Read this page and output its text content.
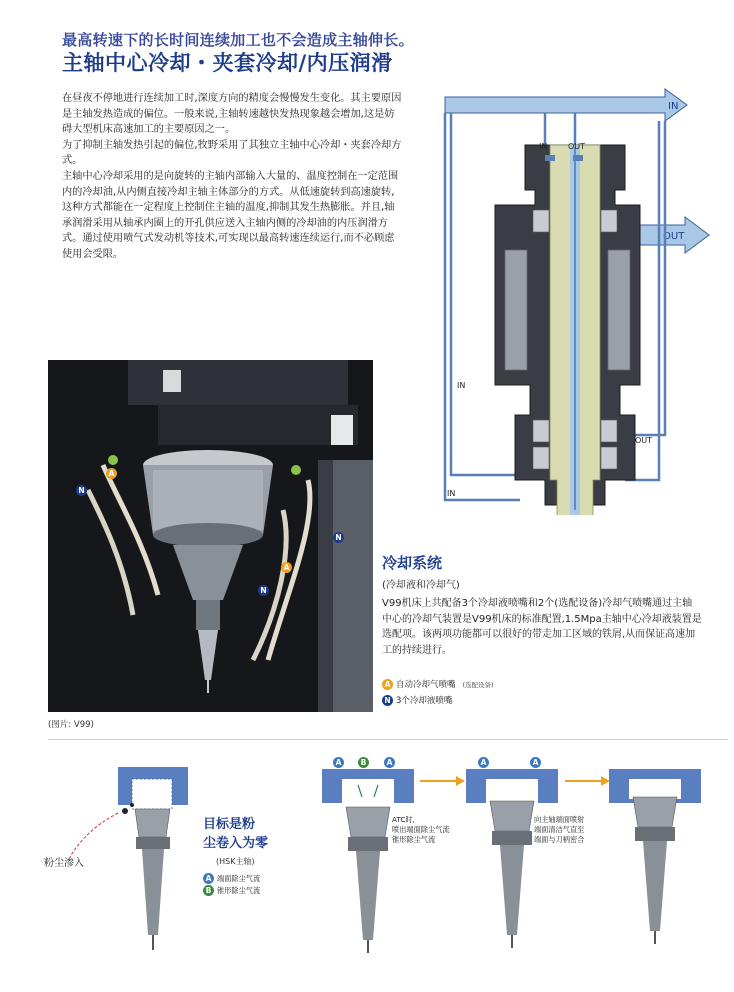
最高转速下的长时间连续加工也不会造成主轴伸长。
主轴中心冷却・夹套冷却/内压润滑

在昼夜不停地进行连续加工时,深度方向的精度会慢慢发生变化。其主要原因是主轴发热造成的偏位。一般来说,主轴转速越快发热现象越会增加,这是妨碍大型机床高速加工的主要原因之一。

为了抑制主轴发热引起的偏位,牧野采用了其独立主轴中心冷却・夹套冷却方式。

主轴中心冷却采用的是向旋转的主轴内部输入大量的、温度控制在一定范围内的冷却油,从内侧直接冷却主轴主体部分的方式。从低速旋转到高速旋转,这种方式都能在一定程度上控制住主轴的温度,抑制其发生热膨胀。并且,轴承润滑采用从轴承内圈上的开孔供应送入主轴内侧的冷却油的内压润滑方式。通过使用喷气式发动机等技术,可实现以最高转速连续运行,而不必顾虑使用会受限。

IN
OUT
IN	OUT
IN
OUT
IN
A
N
A
N
N
(图片: V99)
冷却系统
(冷却液和冷却气)
V99机床上共配备3个冷却液喷嘴和2个(选配设备)冷却气喷嘴通过主轴中心的冷却气装置是V99机床的标准配置,1.5Mpa主轴中心冷却液装置是选配项。该两项功能都可以很好的带走加工区域的铁屑,从而保证高速加工的持续进行。
A 自动冷却气喷嘴 (选配设备)
N 3个冷却液喷嘴
粉尘渗入
目标是粉
尘卷入为零
(HSK主轴)
A 端面除尘气流
B 锥形除尘气流
A	B	A
ATC时,
喷出端面除尘气流
锥形除尘气流
A	A
向主轴端面喷射
端面清洁气直至
端面与刀柄密合
